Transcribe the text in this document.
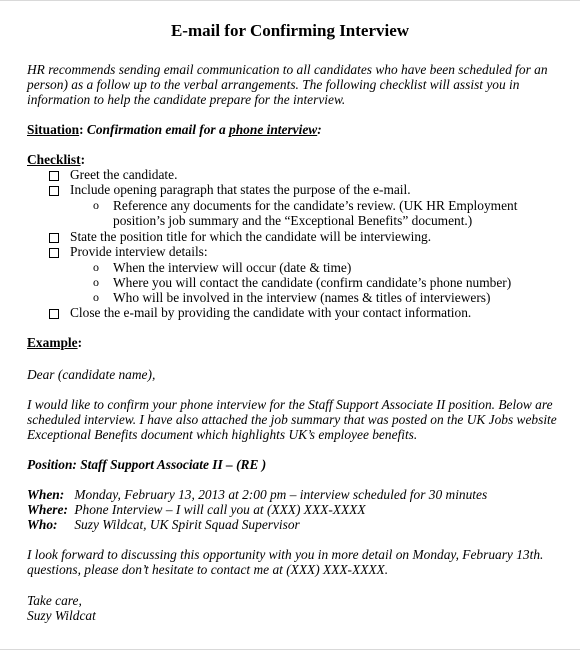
E-mail for Confirming Interview
HR recommends sending email communication to all candidates who have been scheduled for an
person) as a follow up to the verbal arrangements. The following checklist will assist you in
information to help the candidate prepare for the interview.
Situation: Confirmation email for a phone interview:
Checklist:
Greet the candidate.
Include opening paragraph that states the purpose of the e-mail.
o Reference any documents for the candidate’s review. (UK HR Employment
position’s job summary and the “Exceptional Benefits” document.)
State the position title for which the candidate will be interviewing.
Provide interview details:
o When the interview will occur (date & time)
o Where you will contact the candidate (confirm candidate’s phone number)
o Who will be involved in the interview (names & titles of interviewers)
Close the e-mail by providing the candidate with your contact information.
Example:
Dear (candidate name),
I would like to confirm your phone interview for the Staff Support Associate II position. Below are
scheduled interview. I have also attached the job summary that was posted on the UK Jobs website
Exceptional Benefits document which highlights UK’s employee benefits.
Position: Staff Support Associate II – (RE )
When: Monday, February 13, 2013 at 2:00 pm – interview scheduled for 30 minutes
Where: Phone Interview – I will call you at (XXX) XXX-XXXX
Who: Suzy Wildcat, UK Spirit Squad Supervisor
I look forward to discussing this opportunity with you in more detail on Monday, February 13th.
questions, please don’t hesitate to contact me at (XXX) XXX-XXXX.
Take care,
Suzy Wildcat
